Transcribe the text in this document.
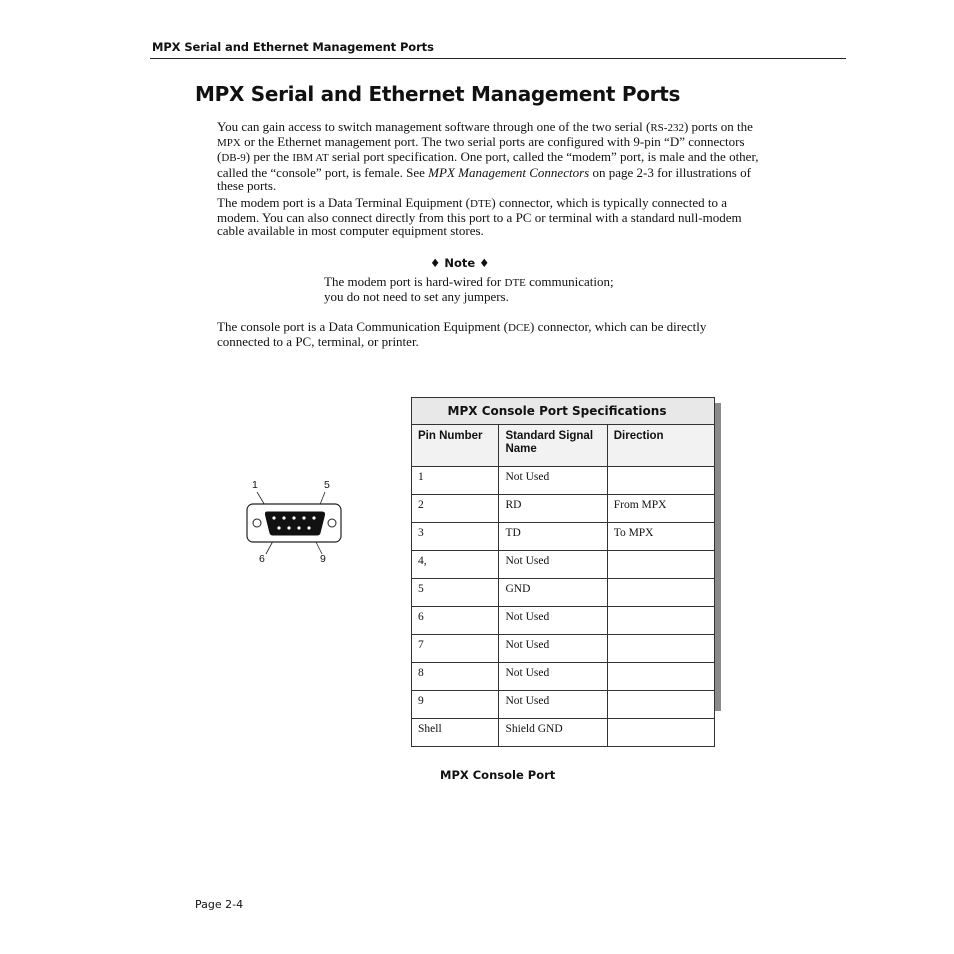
MPX Serial and Ethernet Management Ports
MPX Serial and Ethernet Management Ports
You can gain access to switch management software through one of the two serial (RS-232) ports on the MPX or the Ethernet management port. The two serial ports are configured with 9-pin “D” connectors (DB-9) per the IBM AT serial port specification. One port, called the “modem” port, is male and the other, called the “console” port, is female. See MPX Management Connectors on page 2-3 for illustrations of these ports.
The modem port is a Data Terminal Equipment (DTE) connector, which is typically connected to a modem. You can also connect directly from this port to a PC or terminal with a standard null-modem cable available in most computer equipment stores.
♦ Note ♦
The modem port is hard-wired for DTE communication; you do not need to set any jumpers.
The console port is a Data Communication Equipment (DCE) connector, which can be directly connected to a PC, terminal, or printer.
1	5
6	9
MPX Console Port Specifications		
Pin Number	Standard Signal Name	Direction
1	Not Used	
2	RD	From MPX
3	TD	To MPX
4,	Not Used	
5	GND	
6	Not Used	
7	Not Used	
8	Not Used	
9	Not Used	
Shell	Shield GND	
MPX Console Port
Page 2-4
